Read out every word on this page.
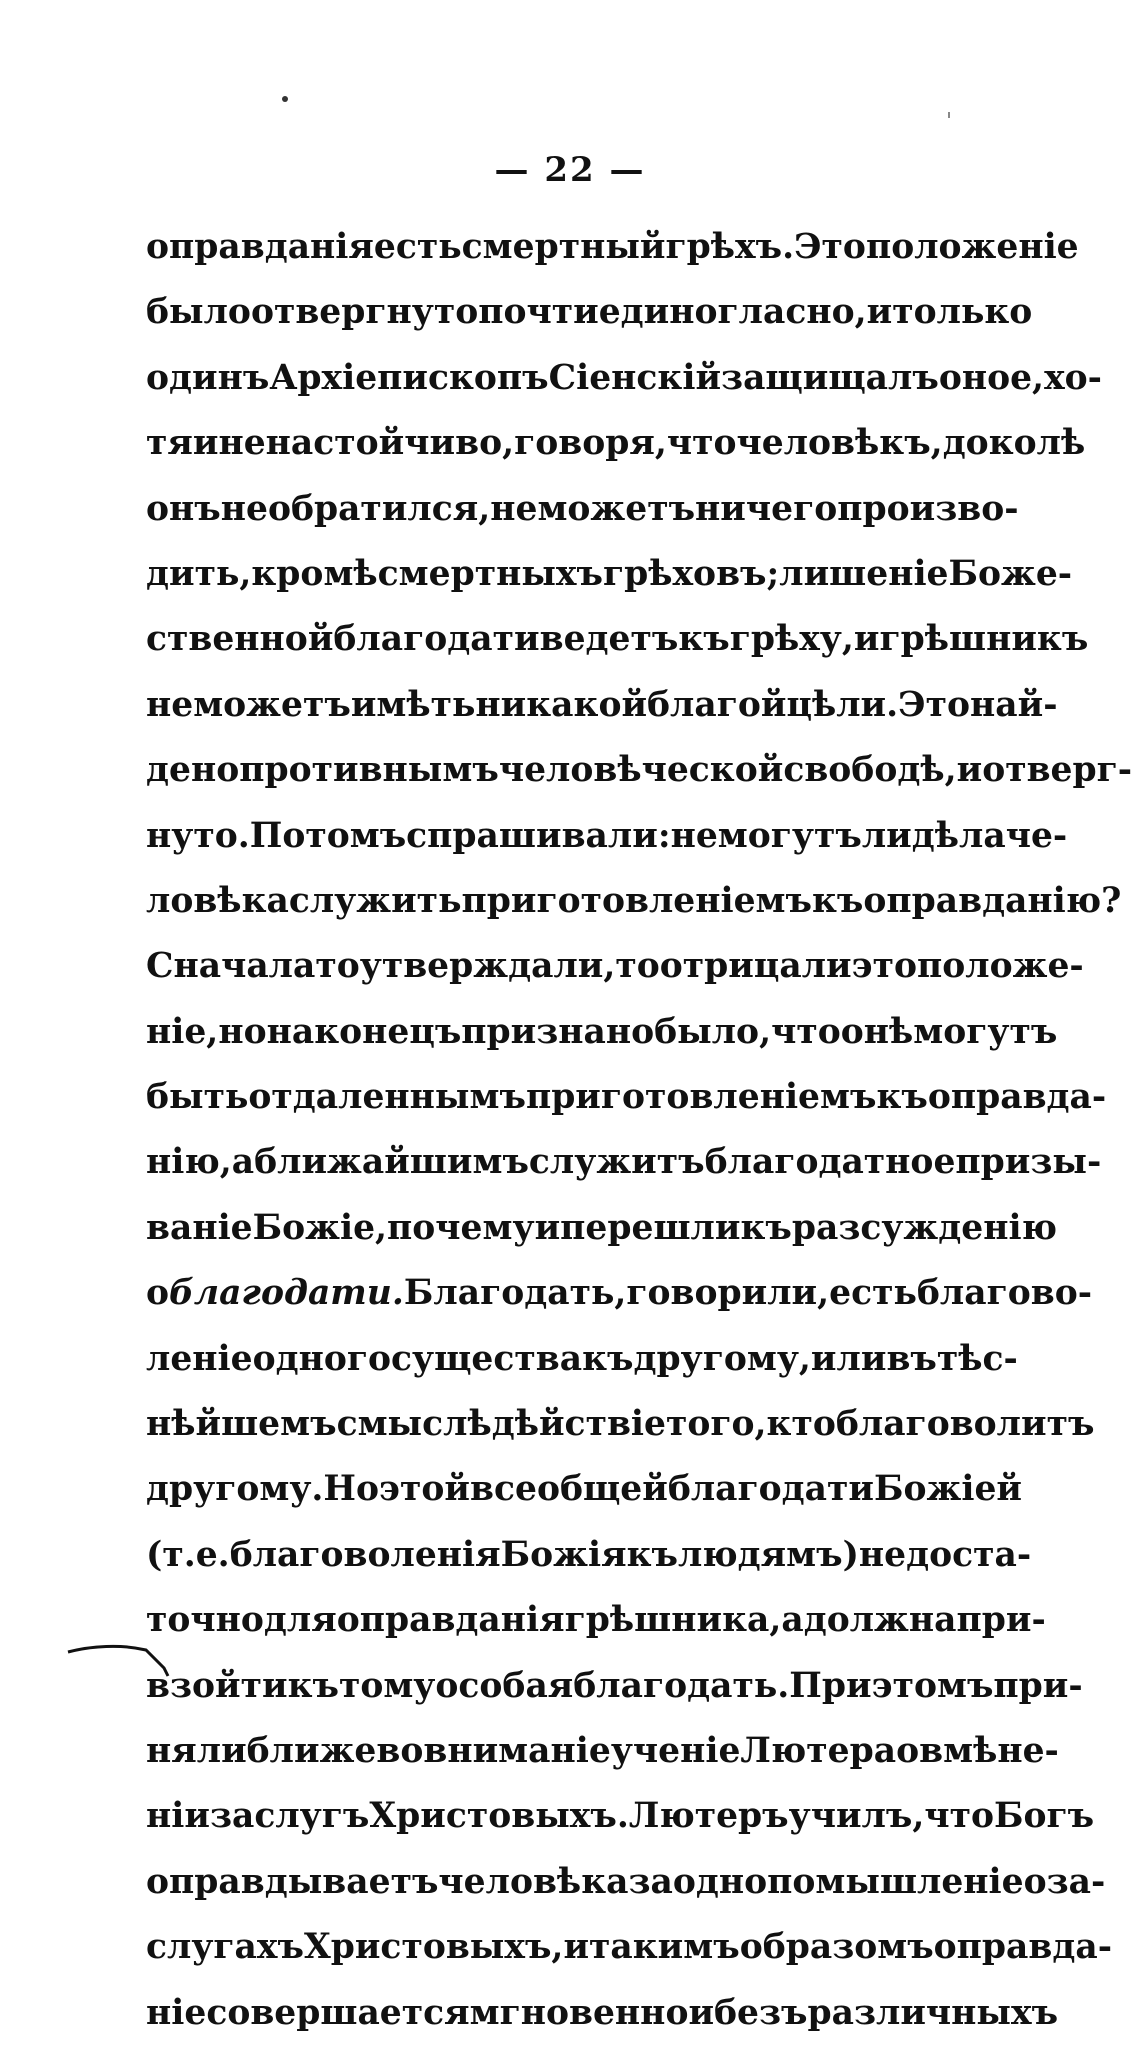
— 22 —
оправданія есть смертный грѣхъ. Это положеніе
было отвергнуто почти единогласно, и только
одинъ Архіепископъ Сіенскій защищалъ оное, хо-
тя и ненастойчиво, говоря, что человѣкъ, доколѣ
онъ не обратился, не можетъ ничего произво-
дить, кромѣ смертныхъ грѣховъ; лишеніе Боже-
ственной благодати ведетъ къ грѣху, и грѣшникъ
не можетъ имѣть никакой благой цѣли. Это най-
дено противнымъ человѣческой свободѣ, и отверг-
нуто. Потомъ спрашивали: не могутъ ли дѣла че-
ловѣка служить приготовленіемъ къ оправданію?
Сначала то утверждали, то отрицали это положе-
ніе, но наконецъ признано было, что онѣ могутъ
быть отдаленнымъ приготовленіемъ къ оправда-
нію, а ближайшимъ служитъ благодатное призы-
ваніе Божіе, почему и перешли къ разсужденію
о благодати. Благодать, говорили, есть благово-
леніе одного существа къ другому, или въ тѣс-
нѣйшемъ смыслѣ дѣйствіе того, кто благоволитъ
другому. Но этой всеобщей благодати Божіей
(т. е. благоволенія Божія къ людямъ) недоста-
точно для оправданія грѣшника, а должна при-
взойти къ тому особая благодать. При этомъ при-
няли ближе во вниманіе ученіе Лютера о вмѣне-
ніи заслугъ Христовыхъ. Лютеръ училъ, что Богъ
оправдываетъ человѣка за одно помышленіе о за-
слугахъ Христовыхъ, и такимъ образомъ оправда-
ніе совершается мгновенно и безъ различныхъ
